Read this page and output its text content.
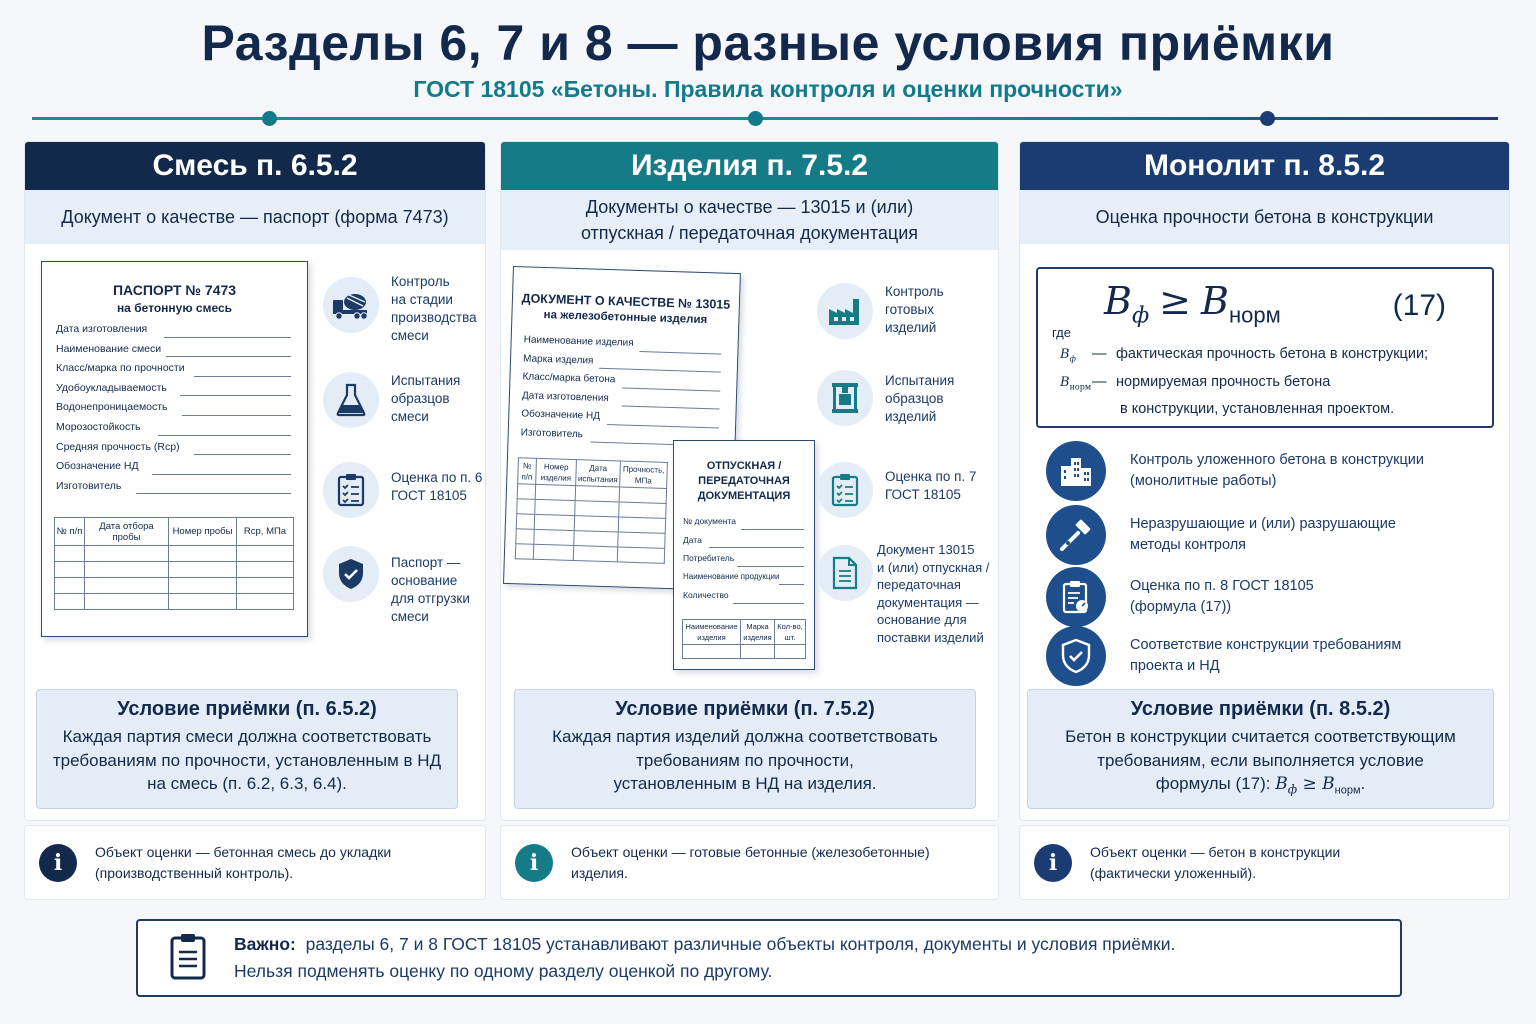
Разделы 6, 7 и 8 — разные условия приёмки
ГОСТ 18105 «Бетоны. Правила контроля и оценки прочности»
Смесь п. 6.5.2
Документ о качестве — паспорт (форма 7473)
ПАСПОРТ № 7473
на бетонную смесь
Дата изготовления
Наименование смеси
Класс/марка по прочности
Удобоукладываемость
Водонепроницаемость
Морозостойкость
Средняя прочность (Rср)
Обозначение НД
Изготовитель
№ п/п	Дата отбора пробы	Номер пробы	Rср, МПа

Контроль
на стадии
производства
смеси
Испытания
образцов
смеси
Оценка по п. 6
ГОСТ 18105
Паспорт —
основание
для отгрузки
смеси
Условие приёмки (п. 6.5.2)
Каждая партия смеси должна соответствовать
требованиям по прочности, установленным в НД
на смесь (п. 6.2, 6.3, 6.4).
i	Объект оценки — бетонная смесь до укладки
(производственный контроль).
Изделия п. 7.5.2
Документы о качестве — 13015 и (или)
отпускная / передаточная документация
ДОКУМЕНТ О КАЧЕСТВЕ № 13015
на железобетонные изделия
Наименование изделия
Марка изделия
Класс/марка бетона
Дата изготовления
Обозначение НД
Изготовитель
№ п/п	Номер изделия	Дата испытания	Прочность, МПа

ОТПУСКНАЯ /
ПЕРЕДАТОЧНАЯ
ДОКУМЕНТАЦИЯ
№ документа
Дата
Потребитель
Наименование продукции
Количество
Наименование изделия	Марка изделия	Кол-во, шт.

Контроль
готовых
изделий
Испытания
образцов
изделий
Оценка по п. 7
ГОСТ 18105
Документ 13015
и (или) отпускная /
передаточная
документация —
основание для
поставки изделий
Условие приёмки (п. 7.5.2)
Каждая партия изделий должна соответствовать
требованиям по прочности,
установленным в НД на изделия.
i	Объект оценки — готовые бетонные (железобетонные)
изделия.
Монолит п. 8.5.2
Оценка прочности бетона в конструкции
$B_ф \ge B_{норм}$	(17)
где
$B_ф$ — фактическая прочность бетона в конструкции;
$B_{норм}—$ нормируемая прочность бетона
в конструкции, установленная проектом.
Контроль уложенного бетона в конструкции
(монолитные работы)
Неразрушающие и (или) разрушающие
методы контроля
Оценка по п. 8 ГОСТ 18105
(формула (17))
Соответствие конструкции требованиям
проекта и НД
Условие приёмки (п. 8.5.2)
Бетон в конструкции считается соответствующим
требованиям, если выполняется условие
формулы (17): $B_ф \ge B_{норм}$.
i	Объект оценки — бетон в конструкции
(фактически уложенный).
Важно: разделы 6, 7 и 8 ГОСТ 18105 устанавливают различные объекты контроля, документы и условия приёмки.
Нельзя подменять оценку по одному разделу оценкой по другому.
